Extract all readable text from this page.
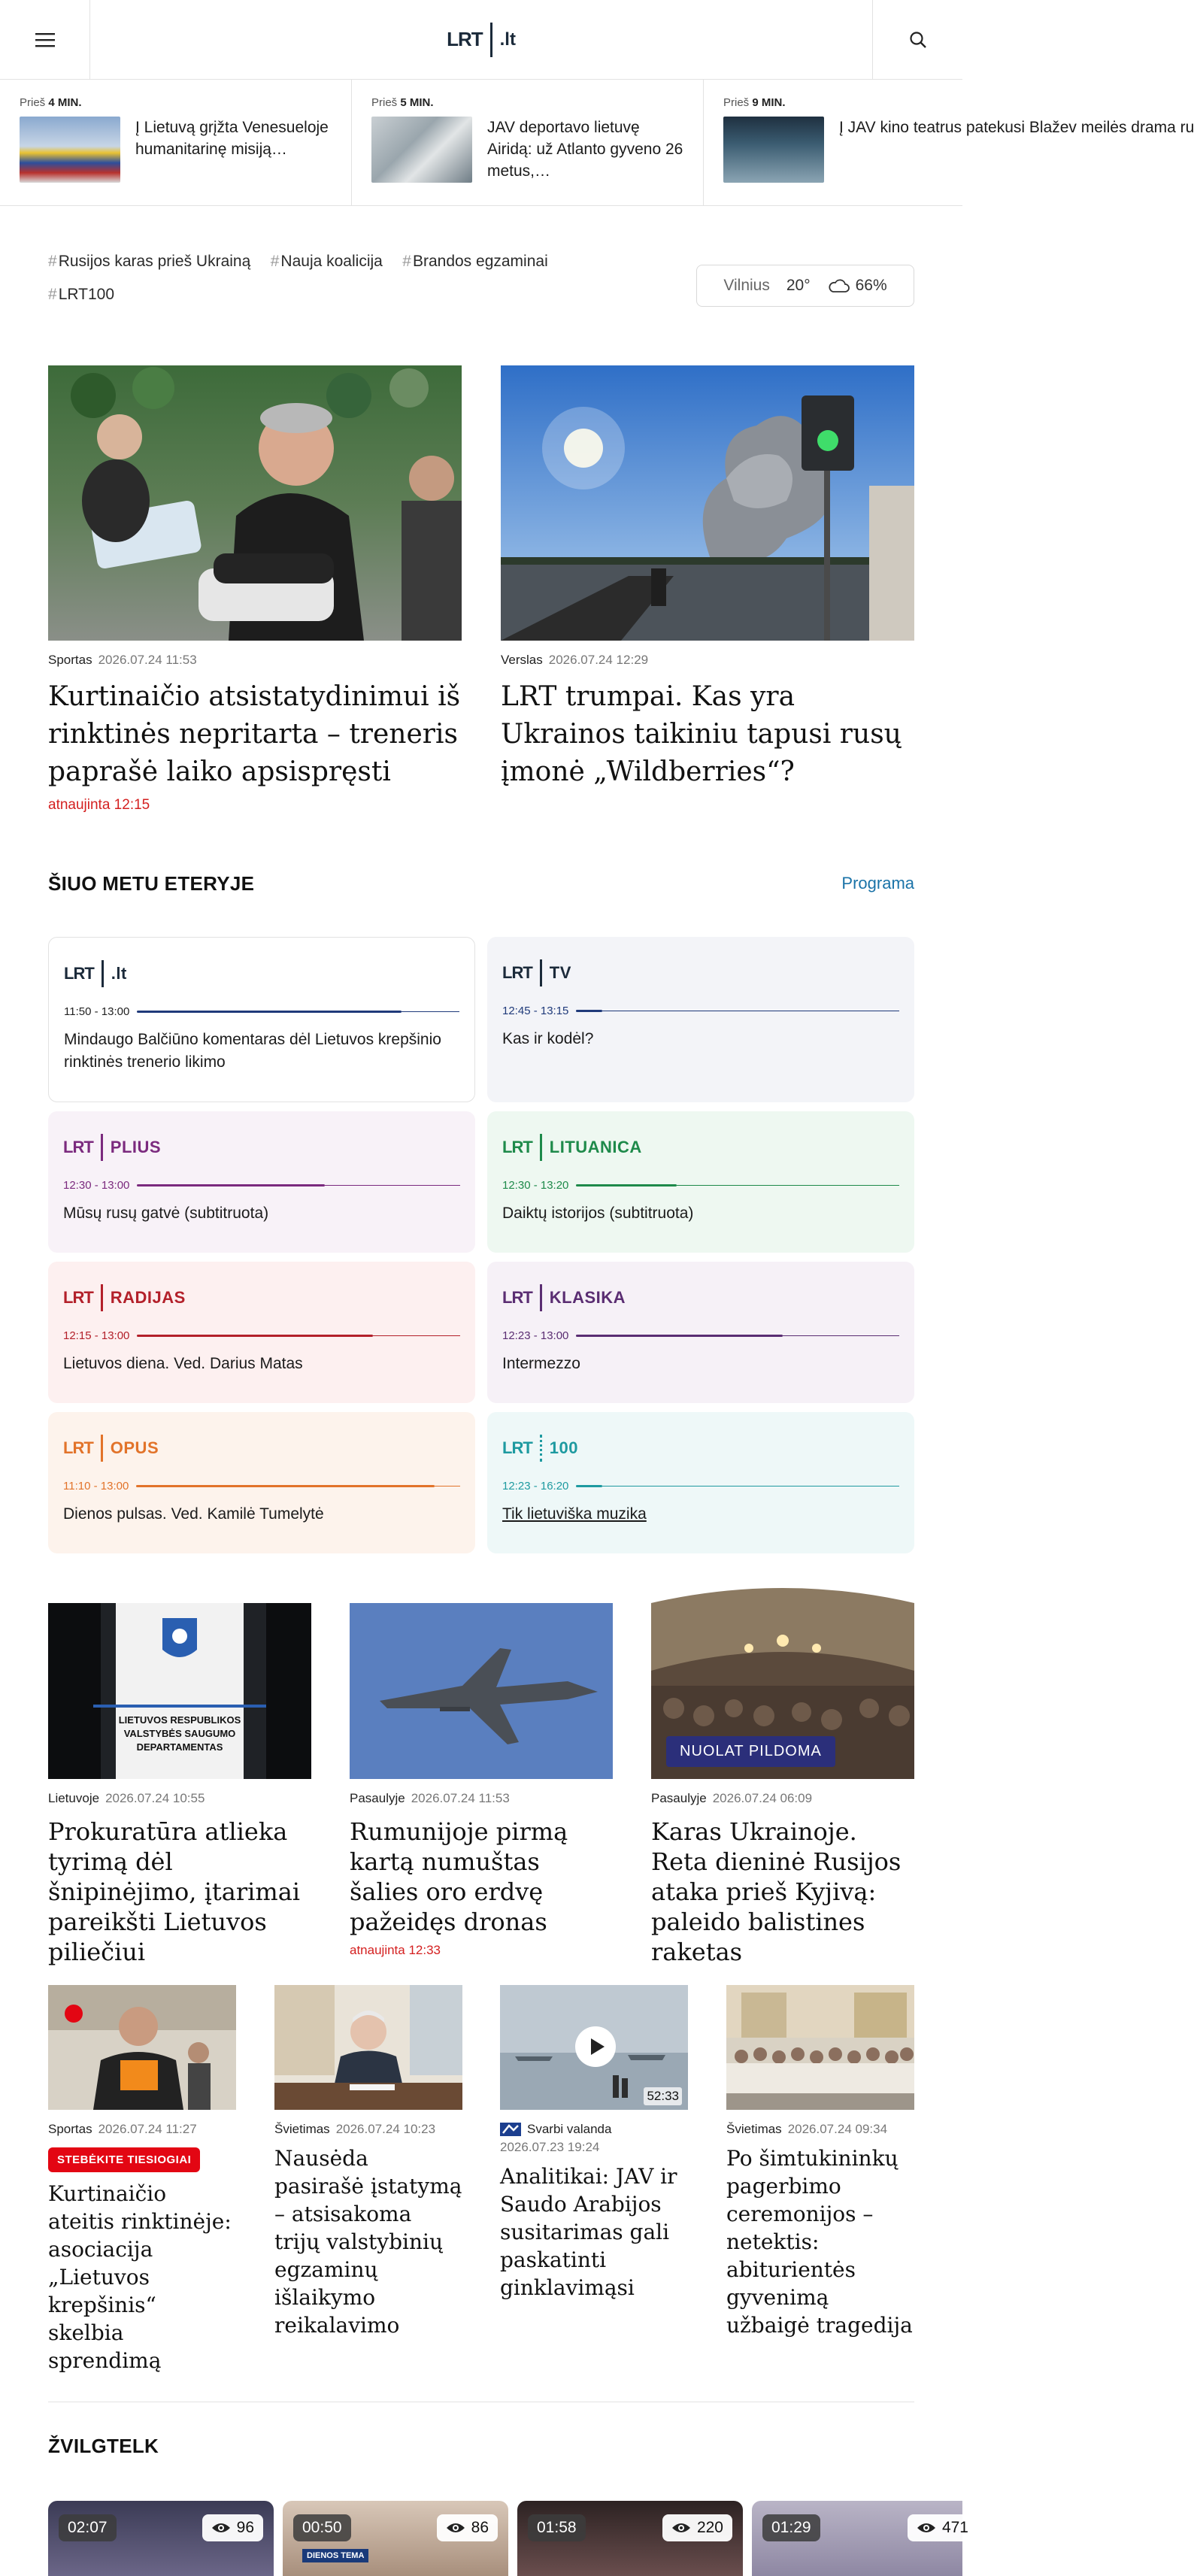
LRT .lt
Prieš 4 MIN.
Į Lietuvą grįžta Venesueloje humanitarinę misiją…
Prieš 5 MIN.
JAV deportavo lietuvę Airidą: už Atlanto gyveno 26 metus,…
Prieš 9 MIN.
Į JAV kino teatrus patekusi Blažev meilės drama ru
#Rusijos karas prieš Ukrainą #Nauja koalicija #Brandos egzaminai
#LRT100
Vilnius 20°	66%
Sportas 2026.07.24 11:53
Kurtinaičio atsistatydinimui iš rinktinės nepritarta – treneris paprašė laiko apsispręsti
atnaujinta 12:15
Verslas 2026.07.24 12:29
LRT trumpai. Kas yra Ukrainos taikiniu tapusi rusų įmonė „Wildberries“?
ŠIUO METU ETERYJE	Programa
LRT .lt
11:50 - 13:00
Mindaugo Balčiūno komentaras dėl Lietuvos krepšinio rinktinės trenerio likimo
LRT TV
12:45 - 13:15
Kas ir kodėl?
LRT PLIUS
12:30 - 13:00
Mūsų rusų gatvė (subtitruota)
LRT LITUANICA
12:30 - 13:20
Daiktų istorijos (subtitruota)
LRT RADIJAS
12:15 - 13:00
Lietuvos diena. Ved. Darius Matas
LRT KLASIKA
12:23 - 13:00
Intermezzo
LRT OPUS
11:10 - 13:00
Dienos pulsas. Ved. Kamilė Tumelytė
LRT 100
12:23 - 16:20
Tik lietuviška muzika
LIETUVOS RESPUBLIKOS
VALSTYBĖS SAUGUMO
DEPARTAMENTAS
Lietuvoje 2026.07.24 10:55
Prokuratūra atlieka tyrimą dėl šnipinėjimo, įtarimai pareikšti Lietuvos piliečiui
Pasaulyje 2026.07.24 11:53
Rumunijoje pirmą kartą numuštas šalies oro erdvę pažeidęs dronas
atnaujinta 12:33
NUOLAT PILDOMA
Pasaulyje 2026.07.24 06:09
Karas Ukrainoje. Reta dieninė Rusijos ataka prieš Kyjivą: paleido balistines raketas
Sportas 2026.07.24 11:27
STEBĖKITE TIESIOGIAI
Kurtinaičio ateitis rinktinėje: asociacija „Lietuvos krepšinis“ skelbia sprendimą
Švietimas 2026.07.24 10:23
Nausėda pasirašė įstatymą – atsisakoma trijų valstybinių egzaminų išlaikymo reikalavimo
52:33
Svarbi valanda
2026.07.23 19:24
Analitikai: JAV ir Saudo Arabijos susitarimas gali paskatinti ginklavimąsi
Švietimas 2026.07.24 09:34
Po šimtukininkų pagerbimo ceremonijos – netektis: abiturientės gyvenimą užbaigė tragedija
ŽVILGTELK
02:07	96	00:50	86
DIENOS TEMA
01:58	220	01:29	471
